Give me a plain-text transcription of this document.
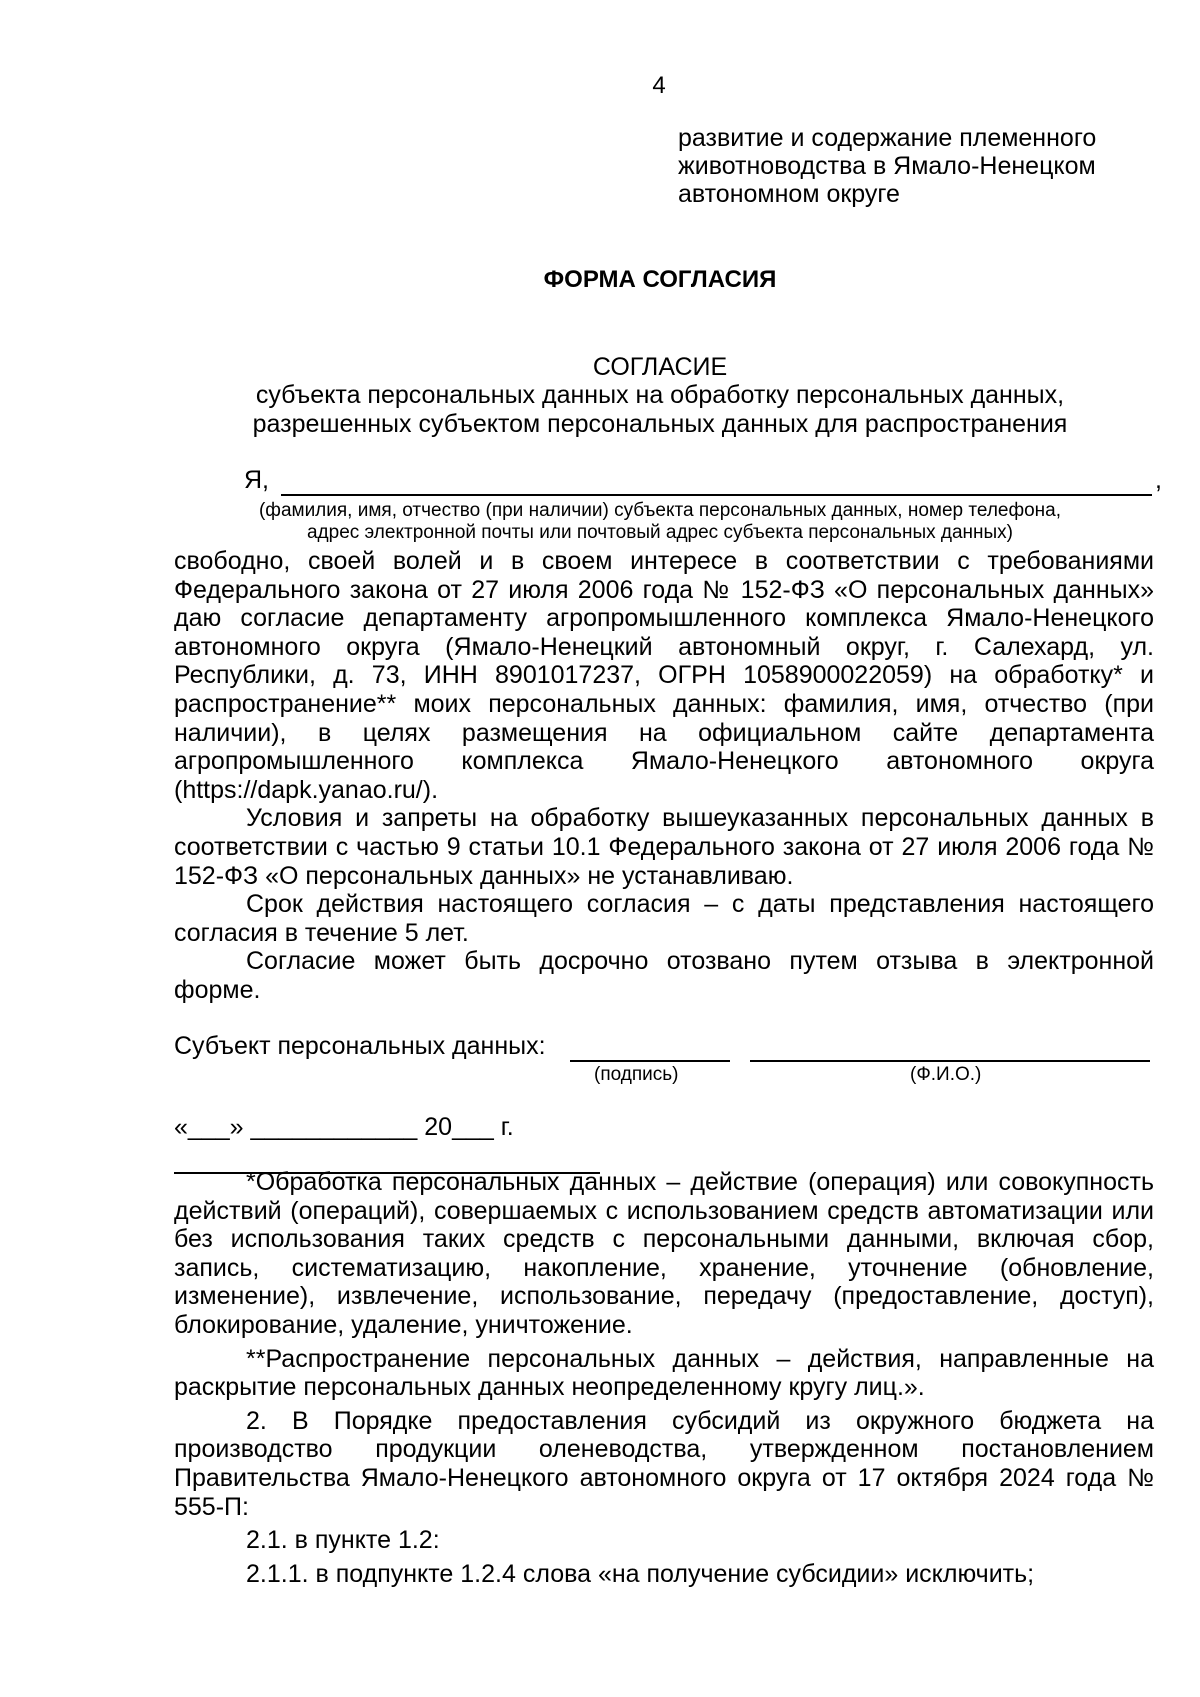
4
развитие и содержание племенного
животноводства в Ямало-Ненецком
автономном округе
ФОРМА СОГЛАСИЯ
СОГЛАСИЕ
субъекта персональных данных на обработку персональных данных,
разрешенных субъектом персональных данных для распространения
Я,	,
(фамилия, имя, отчество (при наличии) субъекта персональных данных, номер телефона,
адрес электронной почты или почтовый адрес субъекта персональных данных)

свободно, своей волей и в своем интересе в соответствии с требованиями Федерального закона от 27 июля 2006 года № 152-ФЗ «О персональных данных» даю согласие департаменту агропромышленного комплекса Ямало-Ненецкого автономного округа (Ямало-Ненецкий автономный округ, г. Салехард, ул. Республики, д. 73, ИНН 8901017237, ОГРН 1058900022059) на обработку* и распространение** моих персональных данных: фамилия, имя, отчество (при наличии), в целях размещения на официальном сайте департамента агропромышленного комплекса Ямало-Ненецкого автономного округа (https://dapk.yanao.ru/).

Условия и запреты на обработку вышеуказанных персональных данных в соответствии с частью 9 статьи 10.1 Федерального закона от 27 июля 2006 года № 152-ФЗ «О персональных данных» не устанавливаю.

Срок действия настоящего согласия – с даты представления настоящего согласия в течение 5 лет.

Согласие может быть досрочно отозвано путем отзыва в электронной форме.

Субъект персональных данных:
(подпись)	(Ф.И.О.)
«___» ____________ 20___ г.

*Обработка персональных данных – действие (операция) или совокупность действий (операций), совершаемых с использованием средств автоматизации или без использования таких средств с персональными данными, включая сбор, запись, систематизацию, накопление, хранение, уточнение (обновление, изменение), извлечение, использование, передачу (предоставление, доступ), блокирование, удаление, уничтожение.

**Распространение персональных данных – действия, направленные на раскрытие персональных данных неопределенному кругу лиц.».

2. В Порядке предоставления субсидий из окружного бюджета на производство продукции оленеводства, утвержденном постановлением Правительства Ямало-Ненецкого автономного округа от 17 октября 2024 года № 555-П:

2.1. в пункте 1.2:

2.1.1. в подпункте 1.2.4 слова «на получение субсидии» исключить;
